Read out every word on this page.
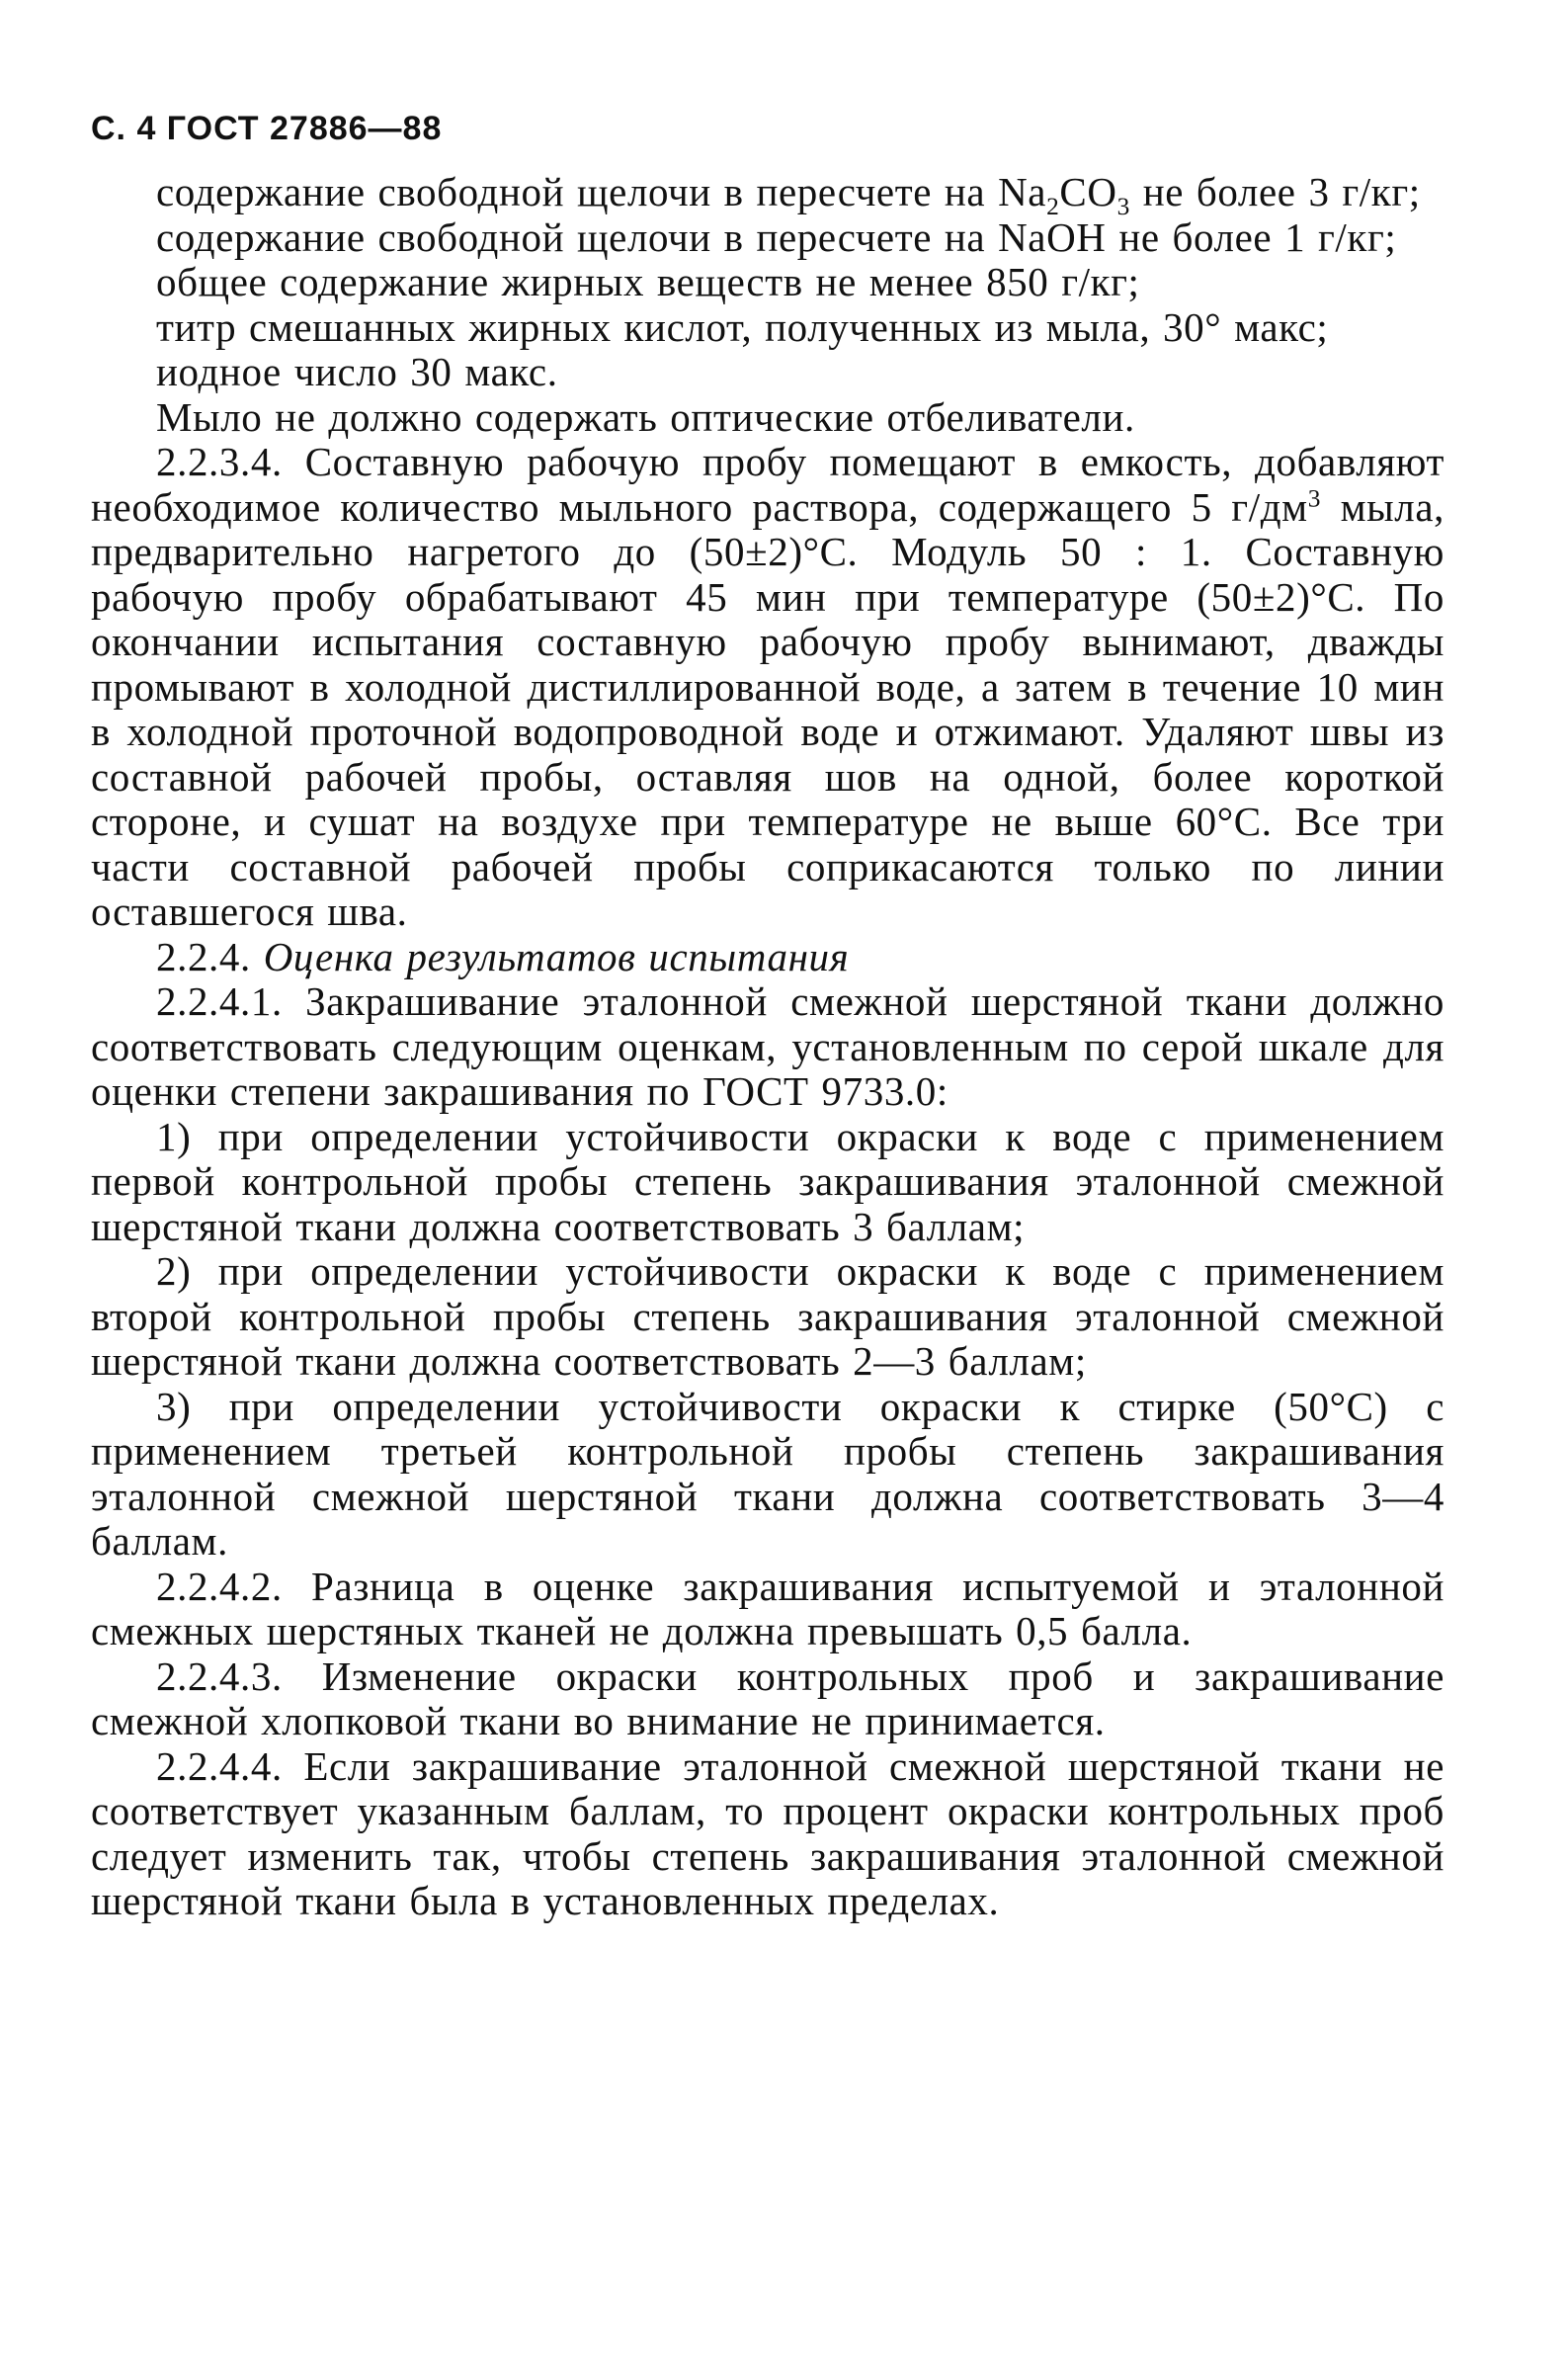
С. 4 ГОСТ 27886—88

содержание свободной щелочи в пересчете на $Na_2CO_3$ не более 3 г/кг;

содержание свободной щелочи в пересчете на NaOH не более 1 г/кг;

общее содержание жирных веществ не менее 850 г/кг;

титр смешанных жирных кислот, полученных из мыла, 30° макс;

иодное число 30 макс.

Мыло не должно содержать оптические отбеливатели.

2.2.3.4. Составную рабочую пробу помещают в емкость, добавляют необходимое количество мыльного раствора, содержащего 5 $г/дм^3$ мыла, предварительно нагретого до (50±2)°С. Модуль 50 : 1. Составную рабочую пробу обрабатывают 45 мин при температуре (50±2)°С. По окончании испытания составную рабочую пробу вынимают, дважды промывают в холодной дистиллированной воде, а затем в течение 10 мин в холодной проточной водопроводной воде и отжимают. Удаляют швы из составной рабочей пробы, оставляя шов на одной, более короткой стороне, и сушат на воздухе при температуре не выше 60°С. Все три части составной рабочей пробы соприкасаются только по линии оставшегося шва.

2.2.4. Оценка результатов испытания

2.2.4.1. Закрашивание эталонной смежной шерстяной ткани должно соответствовать следующим оценкам, установленным по серой шкале для оценки степени закрашивания по ГОСТ 9733.0:

1) при определении устойчивости окраски к воде с применением первой контрольной пробы степень закрашивания эталонной смежной шерстяной ткани должна соответствовать 3 баллам;

2) при определении устойчивости окраски к воде с применением второй контрольной пробы степень закрашивания эталонной смежной шерстяной ткани должна соответствовать 2—3 баллам;

3) при определении устойчивости окраски к стирке (50°С) с применением третьей контрольной пробы степень закрашивания эталонной смежной шерстяной ткани должна соответствовать 3—4 баллам.

2.2.4.2. Разница в оценке закрашивания испытуемой и эталонной смежных шерстяных тканей не должна превышать 0,5 балла.

2.2.4.3. Изменение окраски контрольных проб и закрашивание смежной хлопковой ткани во внимание не принимается.

2.2.4.4. Если закрашивание эталонной смежной шерстяной ткани не соответствует указанным баллам, то процент окраски контрольных проб следует изменить так, чтобы степень закрашивания эталонной смежной шерстяной ткани была в установленных пределах.
